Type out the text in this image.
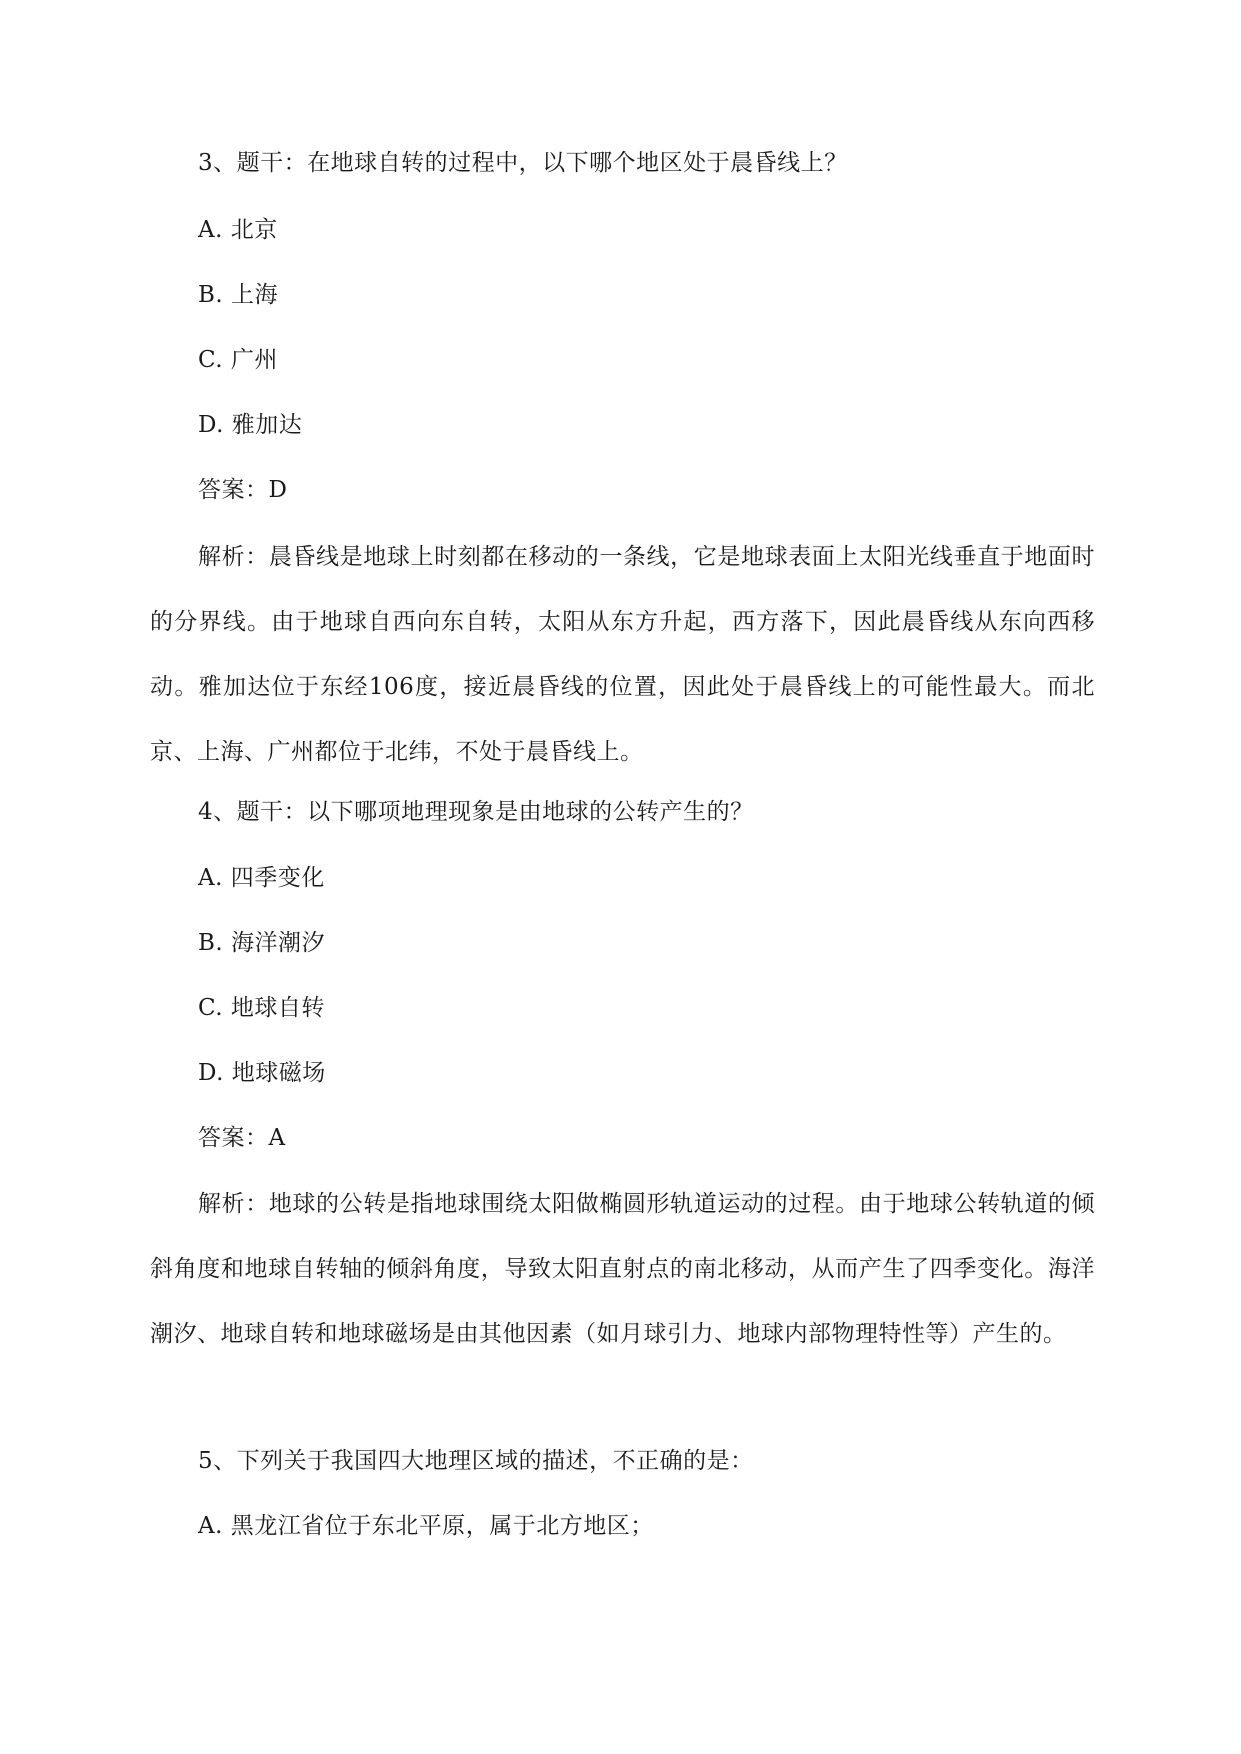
3、题干：在地球自转的过程中，以下哪个地区处于晨昏线上？
A. 北京
B. 上海
C. 广州
D. 雅加达
答案：D
解析：晨昏线是地球上时刻都在移动的一条线，它是地球表面上太阳光线垂直于地面时的分界线。由于地球自西向东自转，太阳从东方升起，西方落下，因此晨昏线从东向西移动。雅加达位于东经106度，接近晨昏线的位置，因此处于晨昏线上的可能性最大。而北京、上海、广州都位于北纬，不处于晨昏线上。
4、题干：以下哪项地理现象是由地球的公转产生的？
A. 四季变化
B. 海洋潮汐
C. 地球自转
D. 地球磁场
答案：A
解析：地球的公转是指地球围绕太阳做椭圆形轨道运动的过程。由于地球公转轨道的倾斜角度和地球自转轴的倾斜角度，导致太阳直射点的南北移动，从而产生了四季变化。海洋潮汐、地球自转和地球磁场是由其他因素（如月球引力、地球内部物理特性等）产生的。
5、下列关于我国四大地理区域的描述，不正确的是：
A. 黑龙江省位于东北平原，属于北方地区；
